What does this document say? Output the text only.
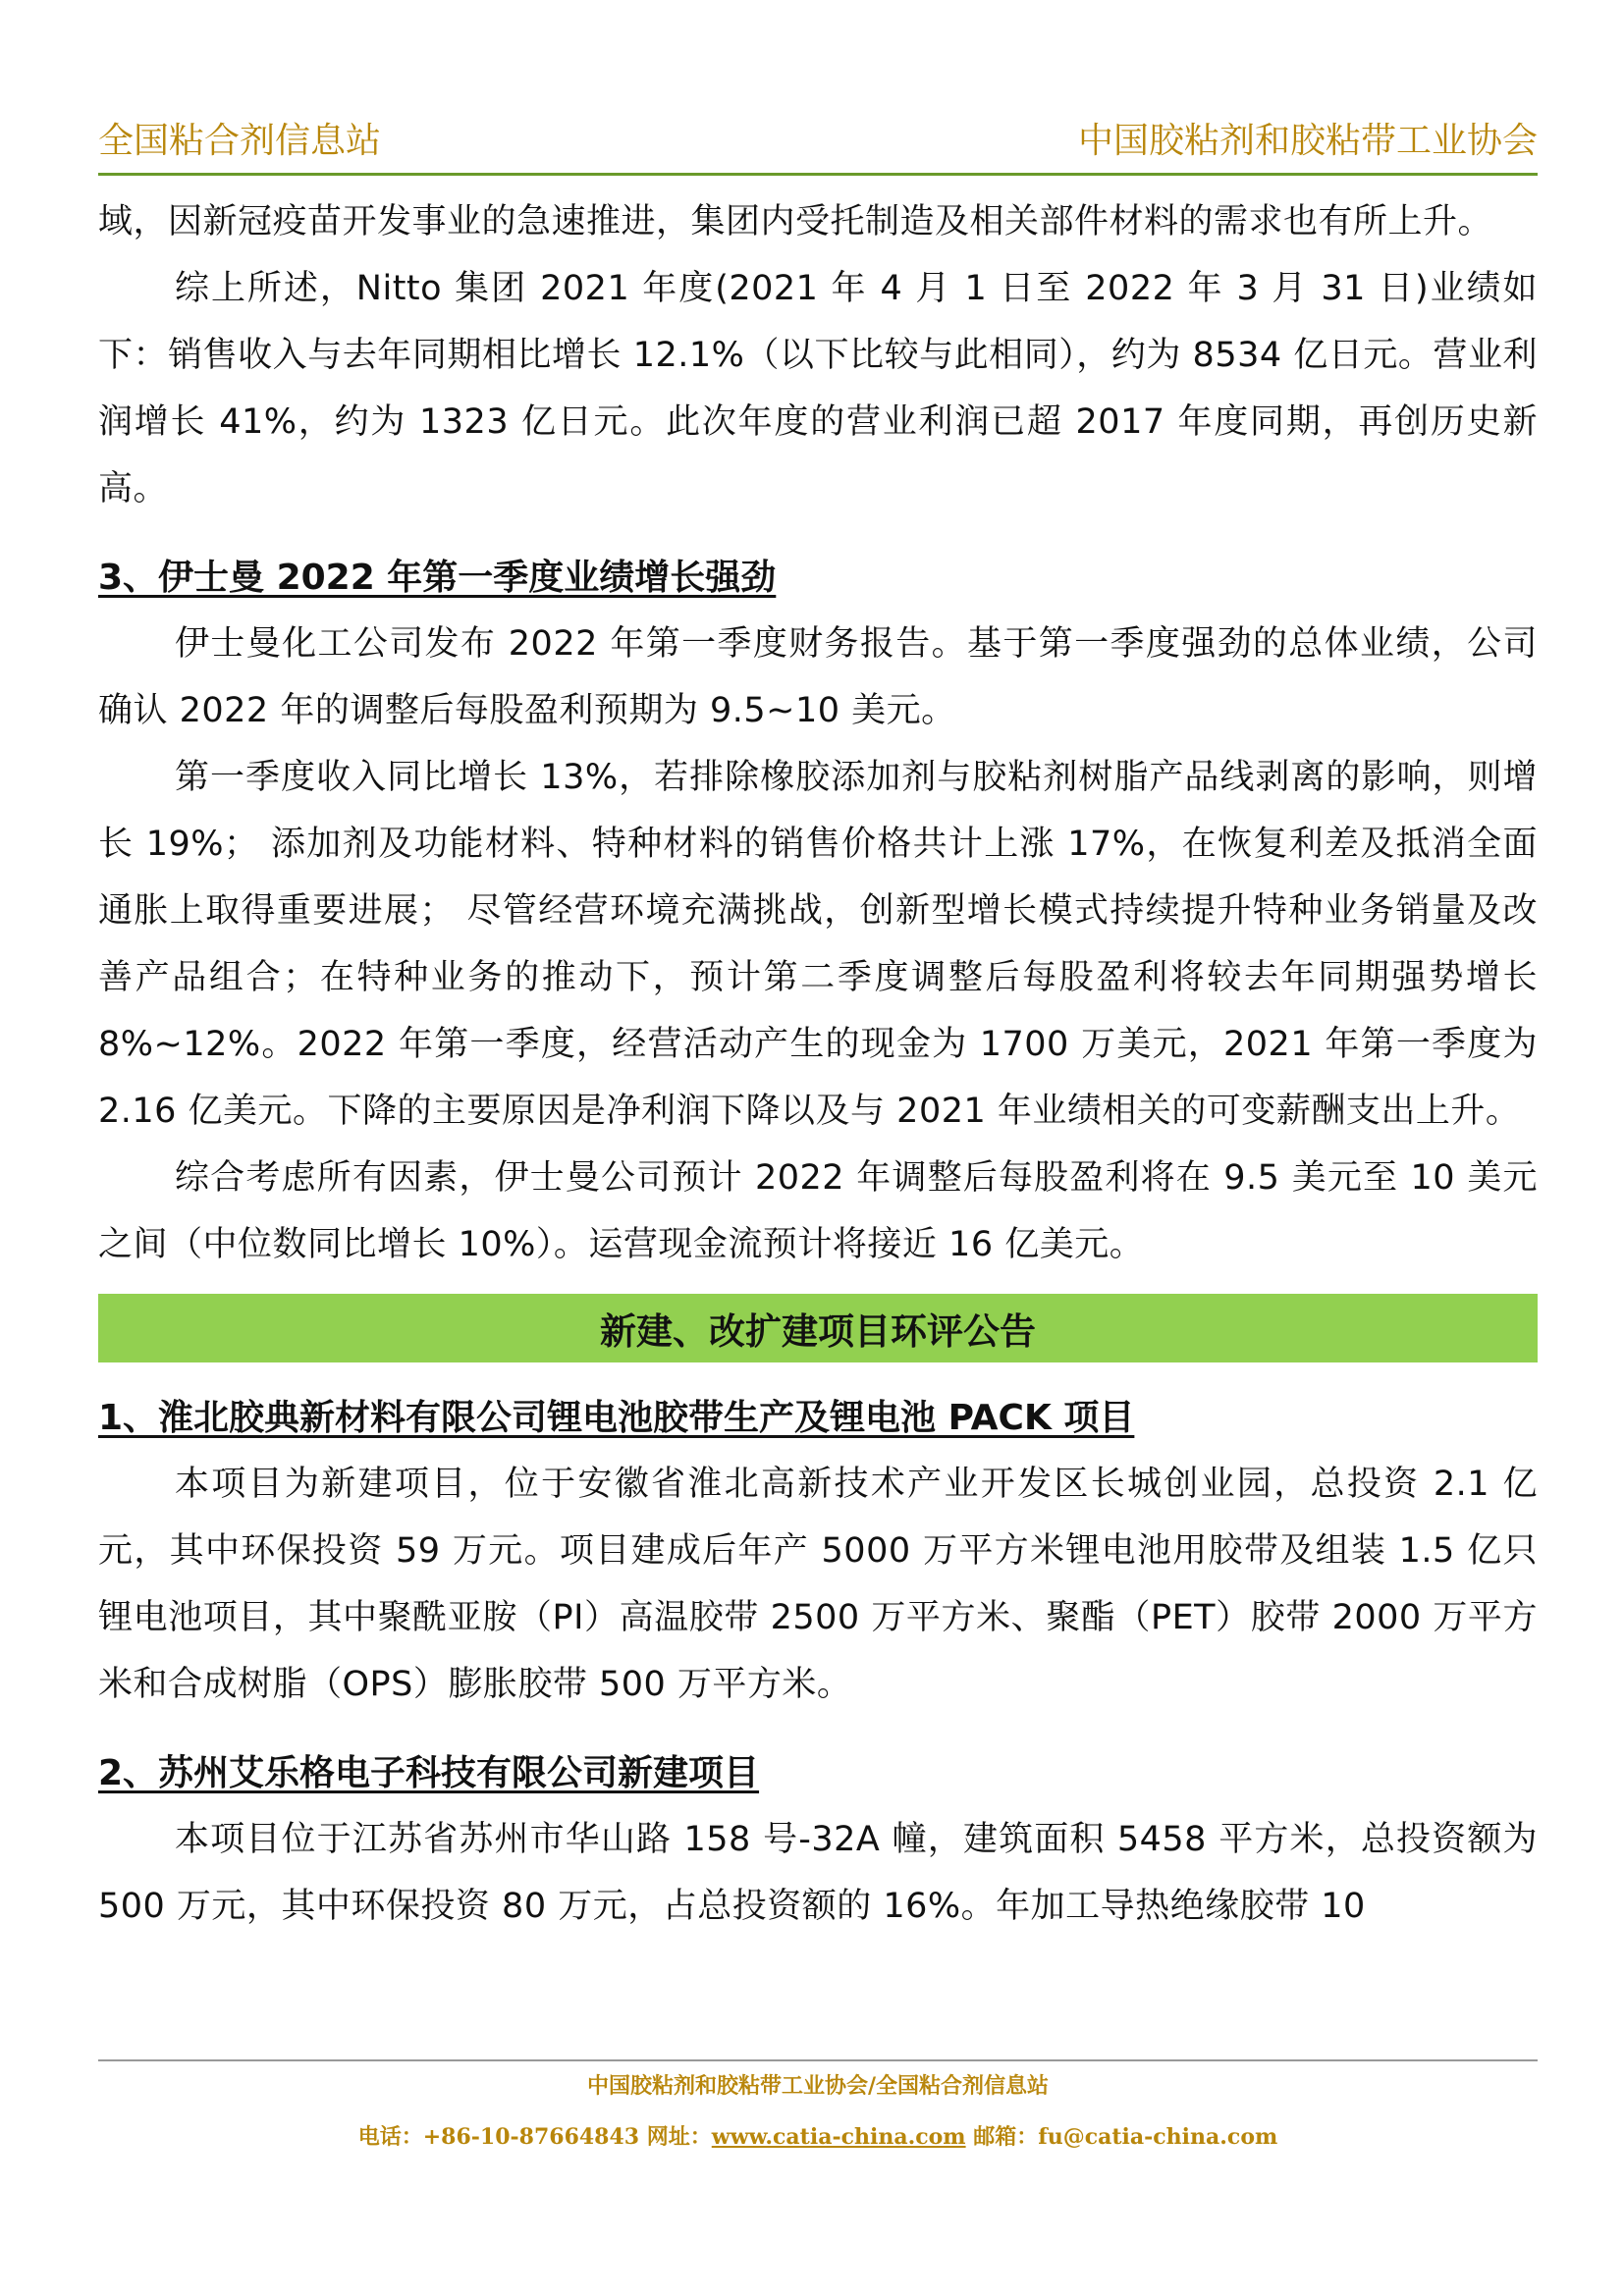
全国粘合剂信息站	中国胶粘剂和胶粘带工业协会

域，因新冠疫苗开发事业的急速推进，集团内受托制造及相关部件材料的需求也有所上升。

综上所述，Nitto 集团 2021 年度(2021 年 4 月 1 日至 2022 年 3 月 31 日)业绩如下：销售收入与去年同期相比增长 12.1%（以下比较与此相同），约为 8534 亿日元。营业利润增长 41%，约为 1323 亿日元。此次年度的营业利润已超 2017 年度同期，再创历史新高。

3、伊士曼 2022 年第一季度业绩增长强劲

伊士曼化工公司发布 2022 年第一季度财务报告。基于第一季度强劲的总体业绩，公司确认 2022 年的调整后每股盈利预期为 9.5~10 美元。

第一季度收入同比增长 13%，若排除橡胶添加剂与胶粘剂树脂产品线剥离的影响，则增长 19%； 添加剂及功能材料、特种材料的销售价格共计上涨 17%，在恢复利差及抵消全面通胀上取得重要进展； 尽管经营环境充满挑战，创新型增长模式持续提升特种业务销量及改善产品组合；在特种业务的推动下，预计第二季度调整后每股盈利将较去年同期强势增长 8%~12%。2022 年第一季度，经营活动产生的现金为 1700 万美元，2021 年第一季度为 2.16 亿美元。下降的主要原因是净利润下降以及与 2021 年业绩相关的可变薪酬支出上升。

综合考虑所有因素，伊士曼公司预计 2022 年调整后每股盈利将在 9.5 美元至 10 美元之间（中位数同比增长 10%）。运营现金流预计将接近 16 亿美元。

新建、改扩建项目环评公告
1、淮北胶典新材料有限公司锂电池胶带生产及锂电池 PACK 项目

本项目为新建项目，位于安徽省淮北高新技术产业开发区长城创业园，总投资 2.1 亿元，其中环保投资 59 万元。项目建成后年产 5000 万平方米锂电池用胶带及组装 1.5 亿只锂电池项目，其中聚酰亚胺（PI）高温胶带 2500 万平方米、聚酯（PET）胶带 2000 万平方米和合成树脂（OPS）膨胀胶带 500 万平方米。

2、苏州艾乐格电子科技有限公司新建项目

本项目位于江苏省苏州市华山路 158 号-32A 幢，建筑面积 5458 平方米，总投资额为 500 万元，其中环保投资 80 万元，占总投资额的 16%。年加工导热绝缘胶带 10

中国胶粘剂和胶粘带工业协会/全国粘合剂信息站
电话：+86-10-87664843 网址：www.catia-china.com 邮箱：fu@catia-china.com
